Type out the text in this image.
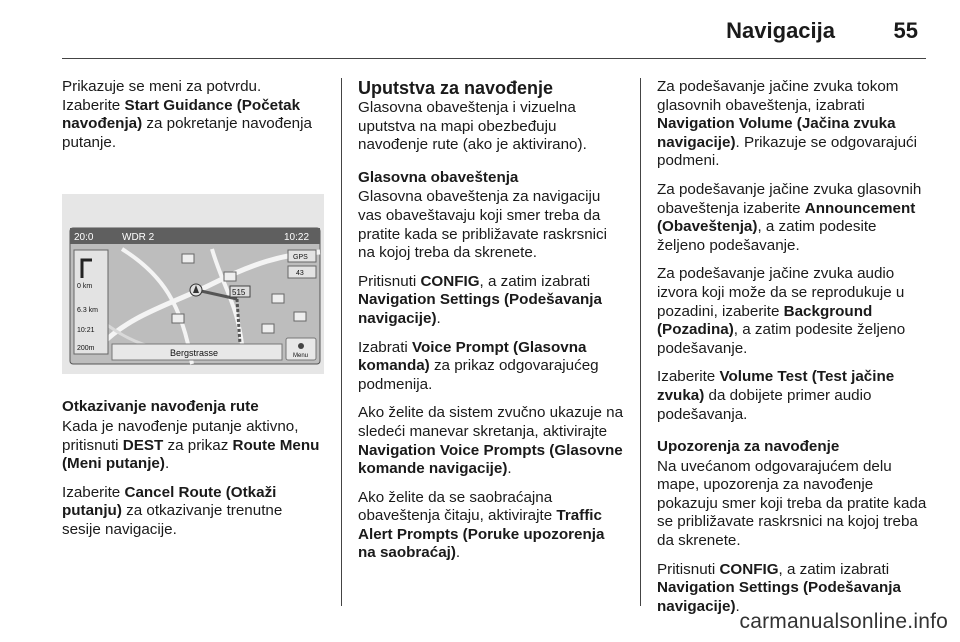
Navigacija	55

Prikazuje se meni za potvrdu.
Izaberite Start Guidance (Početak navođenja) za pokretanje navođenja putanje.

20:0	WDR 2	10:22
515
0 km
6.3 km
10:21
200m
GPS
43
Bergstrasse	Menu

Otkazivanje navođenja rute

Kada je navođenje putanje aktivno, pritisnuti DEST za prikaz Route Menu (Meni putanje).

Izaberite Cancel Route (Otkaži putanju) za otkazivanje trenutne sesije navigacije.

Uputstva za navođenje

Glasovna obaveštenja i vizuelna uputstva na mapi obezbeđuju navođenje rute (ako je aktivirano).

Glasovna obaveštenja

Glasovna obaveštenja za navigaciju vas obaveštavaju koji smer treba da pratite kada se približavate raskrsnici na kojoj treba da skrenete.

Pritisnuti CONFIG, a zatim izabrati Navigation Settings (Podešavanja navigacije).

Izabrati Voice Prompt (Glasovna komanda) za prikaz odgovarajućeg podmenija.

Ako želite da sistem zvučno ukazuje na sledeći manevar skretanja, aktivirajte Navigation Voice Prompts (Glasovne komande navigacije).

Ako želite da se saobraćajna obaveštenja čitaju, aktivirajte Traffic Alert Prompts (Poruke upozorenja na saobraćaj).

Za podešavanje jačine zvuka tokom glasovnih obaveštenja, izabrati Navigation Volume (Jačina zvuka navigacije). Prikazuje se odgovarajući podmeni.

Za podešavanje jačine zvuka glasovnih obaveštenja izaberite Announcement (Obaveštenja), a zatim podesite željeno podešavanje.

Za podešavanje jačine zvuka audio izvora koji može da se reprodukuje u pozadini, izaberite Background (Pozadina), a zatim podesite željeno podešavanje.

Izaberite Volume Test (Test jačine zvuka) da dobijete primer audio podešavanja.

Upozorenja za navođenje

Na uvećanom odgovarajućem delu mape, upozorenja za navođenje pokazuju smer koji treba da pratite kada se približavate raskrsnici na kojoj treba da skrenete.

Pritisnuti CONFIG, a zatim izabrati Navigation Settings (Podešavanja navigacije).

carmanualsonline.info
